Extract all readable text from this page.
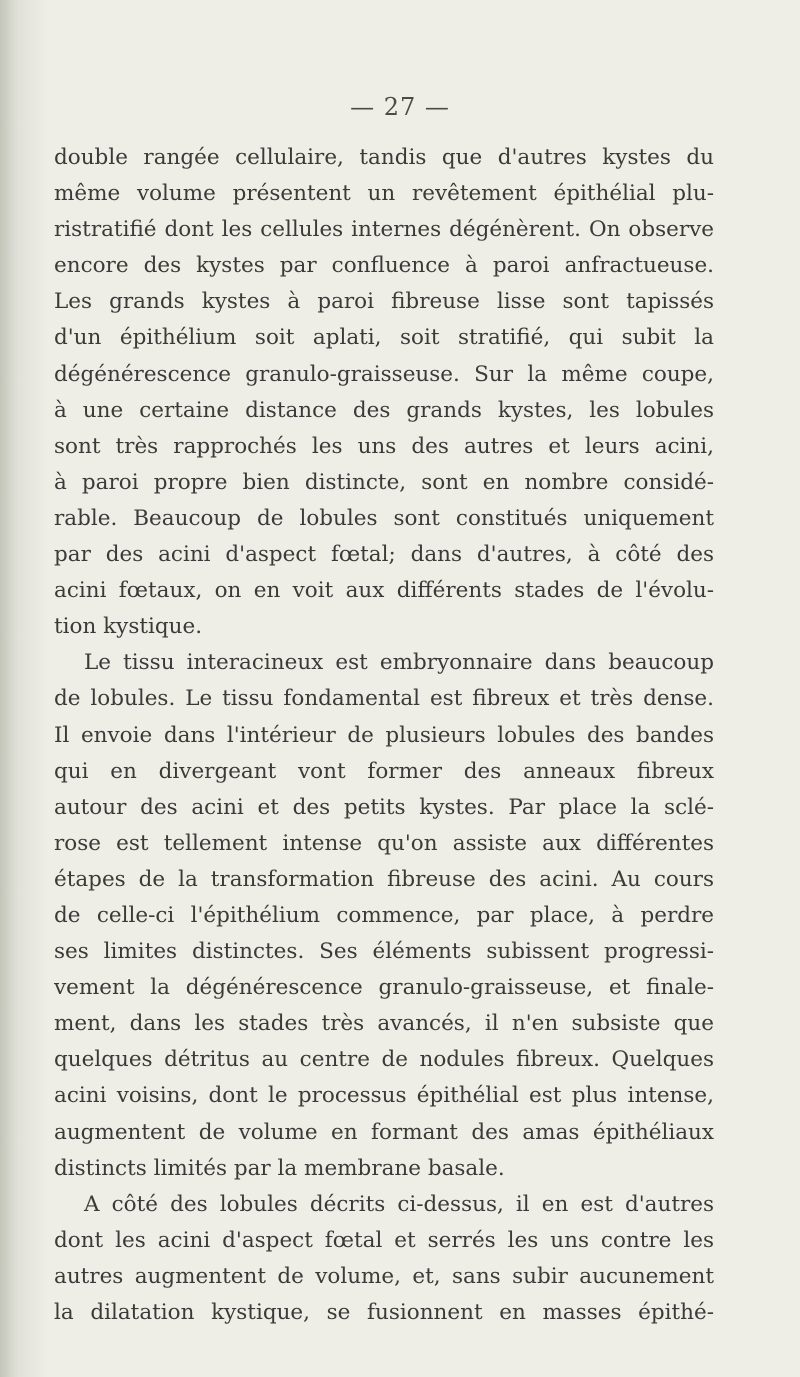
— 27 —
double rangée cellulaire, tandis que d'autres kystes du
même volume présentent un revêtement épithélial plu-
ristratifié dont les cellules internes dégénèrent. On observe
encore des kystes par confluence à paroi anfractueuse.
Les grands kystes à paroi fibreuse lisse sont tapissés
d'un épithélium soit aplati, soit stratifié, qui subit la
dégénérescence granulo-graisseuse. Sur la même coupe,
à une certaine distance des grands kystes, les lobules
sont très rapprochés les uns des autres et leurs acini,
à paroi propre bien distincte, sont en nombre considé-
rable. Beaucoup de lobules sont constitués uniquement
par des acini d'aspect fœtal; dans d'autres, à côté des
acini fœtaux, on en voit aux différents stades de l'évolu-
tion kystique.
Le tissu interacineux est embryonnaire dans beaucoup
de lobules. Le tissu fondamental est fibreux et très dense.
Il envoie dans l'intérieur de plusieurs lobules des bandes
qui en divergeant vont former des anneaux fibreux
autour des acini et des petits kystes. Par place la sclé-
rose est tellement intense qu'on assiste aux différentes
étapes de la transformation fibreuse des acini. Au cours
de celle-ci l'épithélium commence, par place, à perdre
ses limites distinctes. Ses éléments subissent progressi-
vement la dégénérescence granulo-graisseuse, et finale-
ment, dans les stades très avancés, il n'en subsiste que
quelques détritus au centre de nodules fibreux. Quelques
acini voisins, dont le processus épithélial est plus intense,
augmentent de volume en formant des amas épithéliaux
distincts limités par la membrane basale.
A côté des lobules décrits ci-dessus, il en est d'autres
dont les acini d'aspect fœtal et serrés les uns contre les
autres augmentent de volume, et, sans subir aucunement
la dilatation kystique, se fusionnent en masses épithé-
